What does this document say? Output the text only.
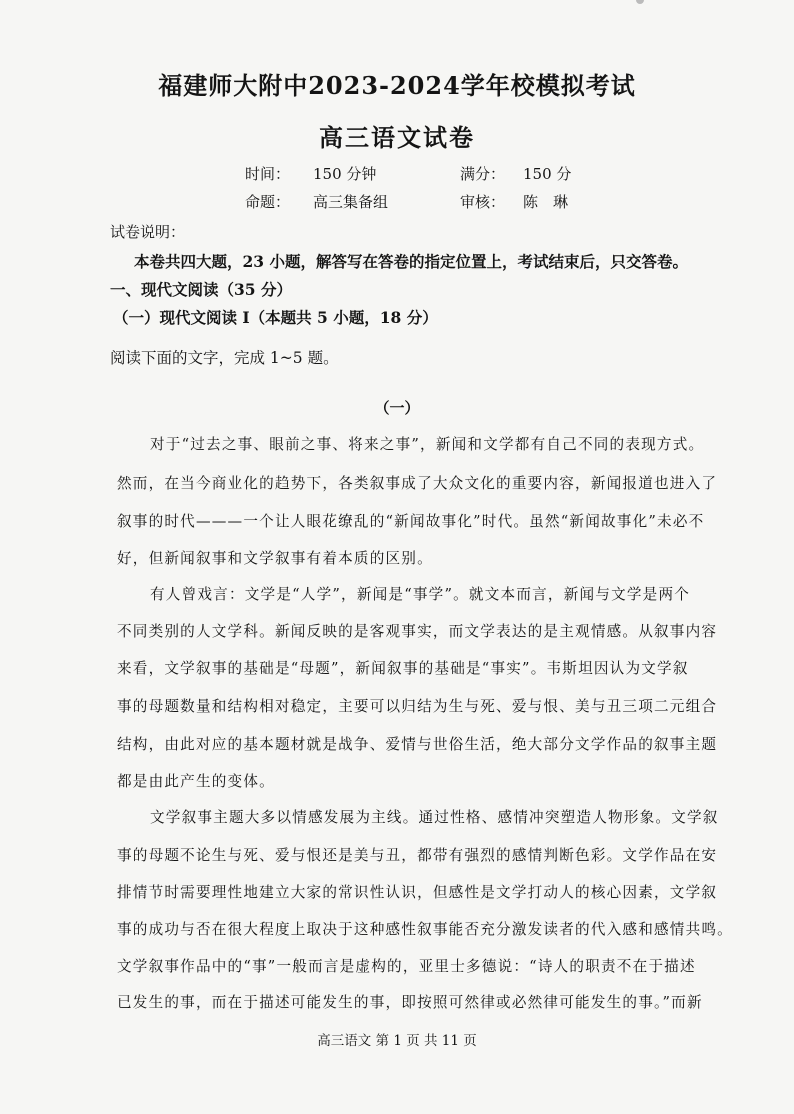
福建师大附中2023-2024学年校模拟考试
高三语文试卷
时间： 150 分钟	满分： 150 分
命题： 高三集备组	审核： 陈　琳
试卷说明：
本卷共四大题，23 小题，解答写在答卷的指定位置上，考试结束后，只交答卷。
一、现代文阅读（35 分）
（一）现代文阅读 I（本题共 5 小题，18 分）
阅读下面的文字，完成 1~5 题。
（一）
对于“过去之事、眼前之事、将来之事”，新闻和文学都有自己不同的表现方式。
然而，在当今商业化的趋势下，各类叙事成了大众文化的重要内容，新闻报道也进入了
叙事的时代———一个让人眼花缭乱的“新闻故事化”时代。虽然“新闻故事化”未必不
好，但新闻叙事和文学叙事有着本质的区别。
有人曾戏言：文学是“人学”，新闻是“事学”。就文本而言，新闻与文学是两个
不同类别的人文学科。新闻反映的是客观事实，而文学表达的是主观情感。从叙事内容
来看，文学叙事的基础是“母题”，新闻叙事的基础是“事实”。韦斯坦因认为文学叙
事的母题数量和结构相对稳定，主要可以归结为生与死、爱与恨、美与丑三项二元组合
结构，由此对应的基本题材就是战争、爱情与世俗生活，绝大部分文学作品的叙事主题
都是由此产生的变体。
文学叙事主题大多以情感发展为主线。通过性格、感情冲突塑造人物形象。文学叙
事的母题不论生与死、爱与恨还是美与丑，都带有强烈的感情判断色彩。文学作品在安
排情节时需要理性地建立大家的常识性认识，但感性是文学打动人的核心因素，文学叙
事的成功与否在很大程度上取决于这种感性叙事能否充分激发读者的代入感和感情共鸣。
文学叙事作品中的“事”一般而言是虚构的，亚里士多德说：“诗人的职责不在于描述
已发生的事，而在于描述可能发生的事，即按照可然律或必然律可能发生的事。”而新
高三语文 第 1 页 共 11 页
